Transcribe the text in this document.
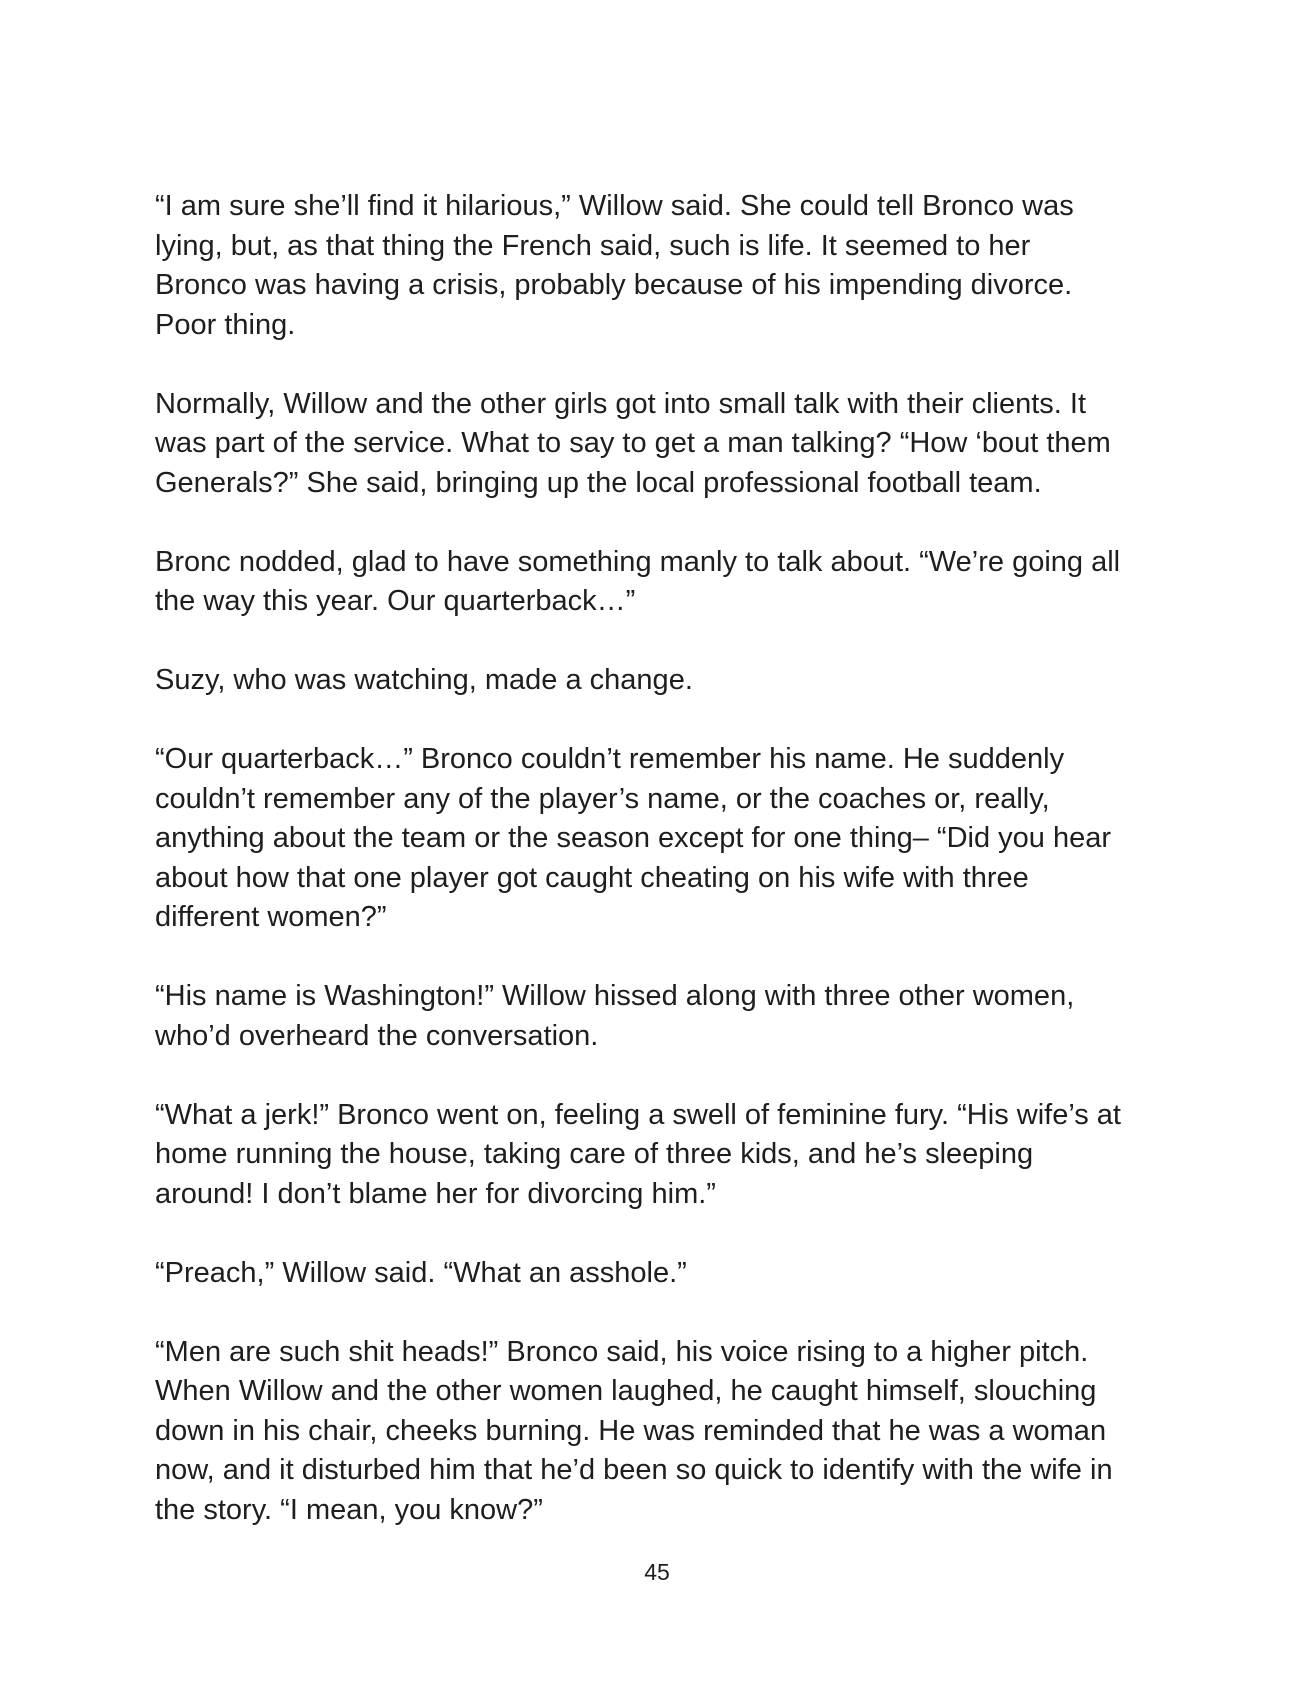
“I am sure she’ll find it hilarious,” Willow said. She could tell Bronco was
lying, but, as that thing the French said, such is life. It seemed to her
Bronco was having a crisis, probably because of his impending divorce.
Poor thing.

Normally, Willow and the other girls got into small talk with their clients. It
was part of the service. What to say to get a man talking? “How ‘bout them
Generals?” She said, bringing up the local professional football team.

Bronc nodded, glad to have something manly to talk about. “We’re going all
the way this year. Our quarterback…”

Suzy, who was watching, made a change.

“Our quarterback…” Bronco couldn’t remember his name. He suddenly
couldn’t remember any of the player’s name, or the coaches or, really,
anything about the team or the season except for one thing– “Did you hear
about how that one player got caught cheating on his wife with three
different women?”

“His name is Washington!” Willow hissed along with three other women,
who’d overheard the conversation.

“What a jerk!” Bronco went on, feeling a swell of feminine fury. “His wife’s at
home running the house, taking care of three kids, and he’s sleeping
around! I don’t blame her for divorcing him.”

“Preach,” Willow said. “What an asshole.”

“Men are such shit heads!” Bronco said, his voice rising to a higher pitch.
When Willow and the other women laughed, he caught himself, slouching
down in his chair, cheeks burning. He was reminded that he was a woman
now, and it disturbed him that he’d been so quick to identify with the wife in
the story. “I mean, you know?”

45
